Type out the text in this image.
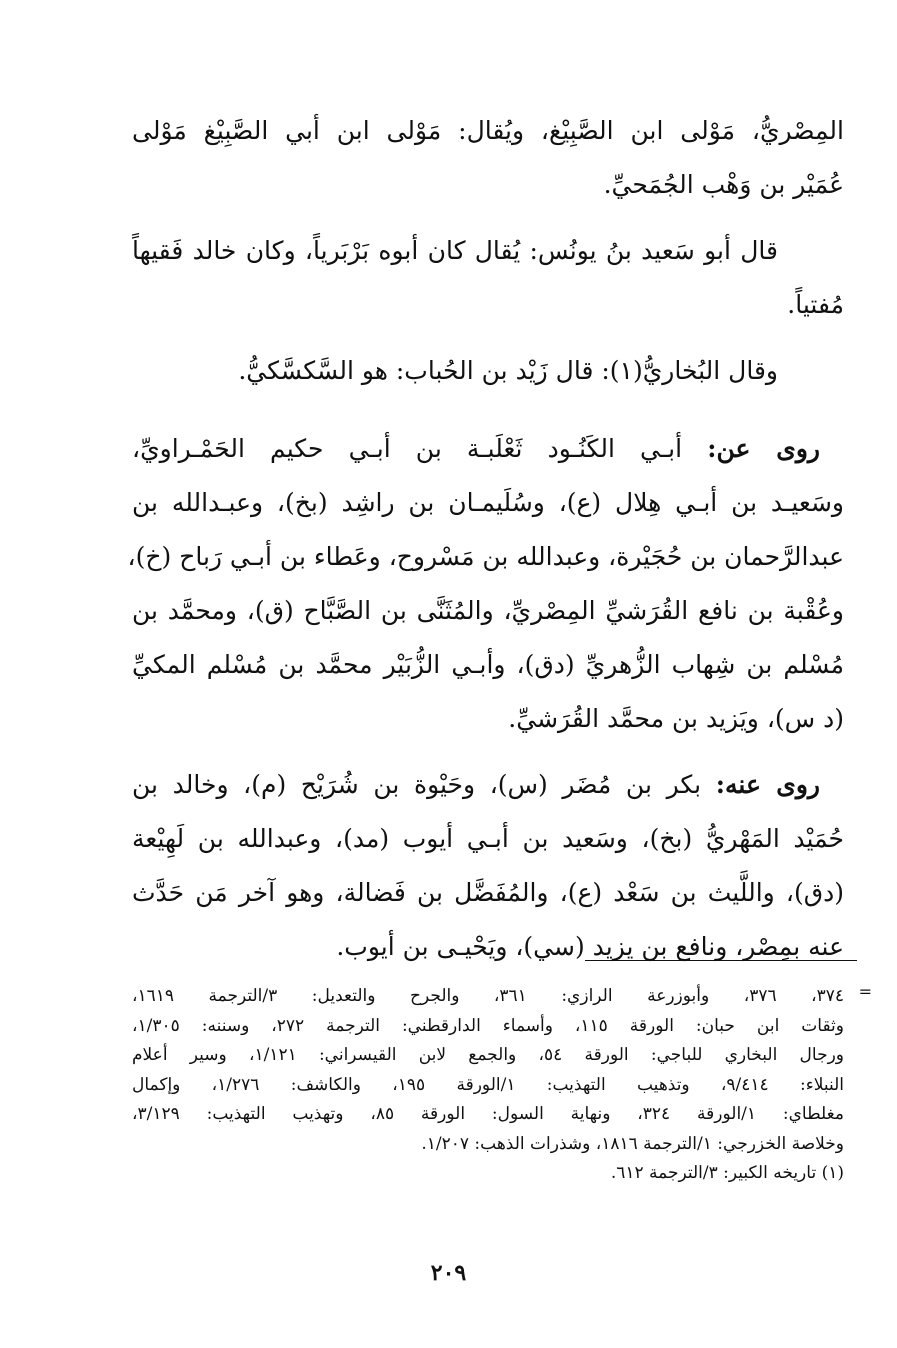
المِصْريُّ، مَوْلى ابن الصَّبِيْغ، ويُقال: مَوْلى ابن أبي الصَّبِيْغ مَوْلى
عُمَيْر بن وَهْب الجُمَحيِّ.
قال أبو سَعيد بنُ يونُس: يُقال كان أبوه بَرْبَرياً، وكان خالد فَقيهاً
مُفتياً.
وقال البُخاريُّ(١): قال زَيْد بن الحُباب: هو السَّكسَّكيُّ.
روى عن: أبـي الكَنُـود ثَعْلَبـة بن أبـي حكيم الحَمْـراويِّ،
وسَعيـد بن أبـي هِلال (ع)، وسُلَيمـان بن راشِد (بخ)، وعبـدالله بن
عبدالرَّحمان بن حُجَيْرة، وعبدالله بن مَسْروح، وعَطاء بن أبـي رَباح (خ)،
وعُقْبة بن نافع القُرَشيِّ المِصْريِّ، والمُثَنَّى بن الصَّبَّاح (ق)، ومحمَّد بن
مُسْلم بن شِهاب الزُّهريِّ (دق)، وأبـي الزُّبَيْر محمَّد بن مُسْلم المكيِّ
(د س)، ويَزيد بن محمَّد القُرَشيِّ.
روى عنه: بكر بن مُضَر (س)، وحَيْوة بن شُرَيْح (م)، وخالد بن
حُمَيْد المَهْريُّ (بخ)، وسَعيد بن أبـي أيوب (مد)، وعبدالله بن لَهِيْعة
(دق)، واللَّيث بن سَعْد (ع)، والمُفَضَّل بن فَضالة، وهو آخر مَن حَدَّث
عنه بمِصْر، ونافع بن يزيد (سي)، ويَحْيـى بن أيوب.
=
٣٧٤، ٣٧٦، وأبوزرعة الرازي: ٣٦١، والجرح والتعديل: ٣/الترجمة ١٦١٩،
وثقات ابن حبان: الورقة ١١٥، وأسماء الدارقطني: الترجمة ٢٧٢، وسننه: ١/٣٠٥،
ورجال البخاري للباجي: الورقة ٥٤، والجمع لابن القيسراني: ١/١٢١، وسير أعلام
النبلاء: ٩/٤١٤، وتذهيب التهذيب: ١/الورقة ١٩٥، والكاشف: ١/٢٧٦، وإكمال
مغلطاي: ١/الورقة ٣٢٤، ونهاية السول: الورقة ٨٥، وتهذيب التهذيب: ٣/١٢٩،
وخلاصة الخزرجي: ١/الترجمة ١٨١٦، وشذرات الذهب: ١/٢٠٧.
(١) تاريخه الكبير: ٣/الترجمة ٦١٢.
٢٠٩
